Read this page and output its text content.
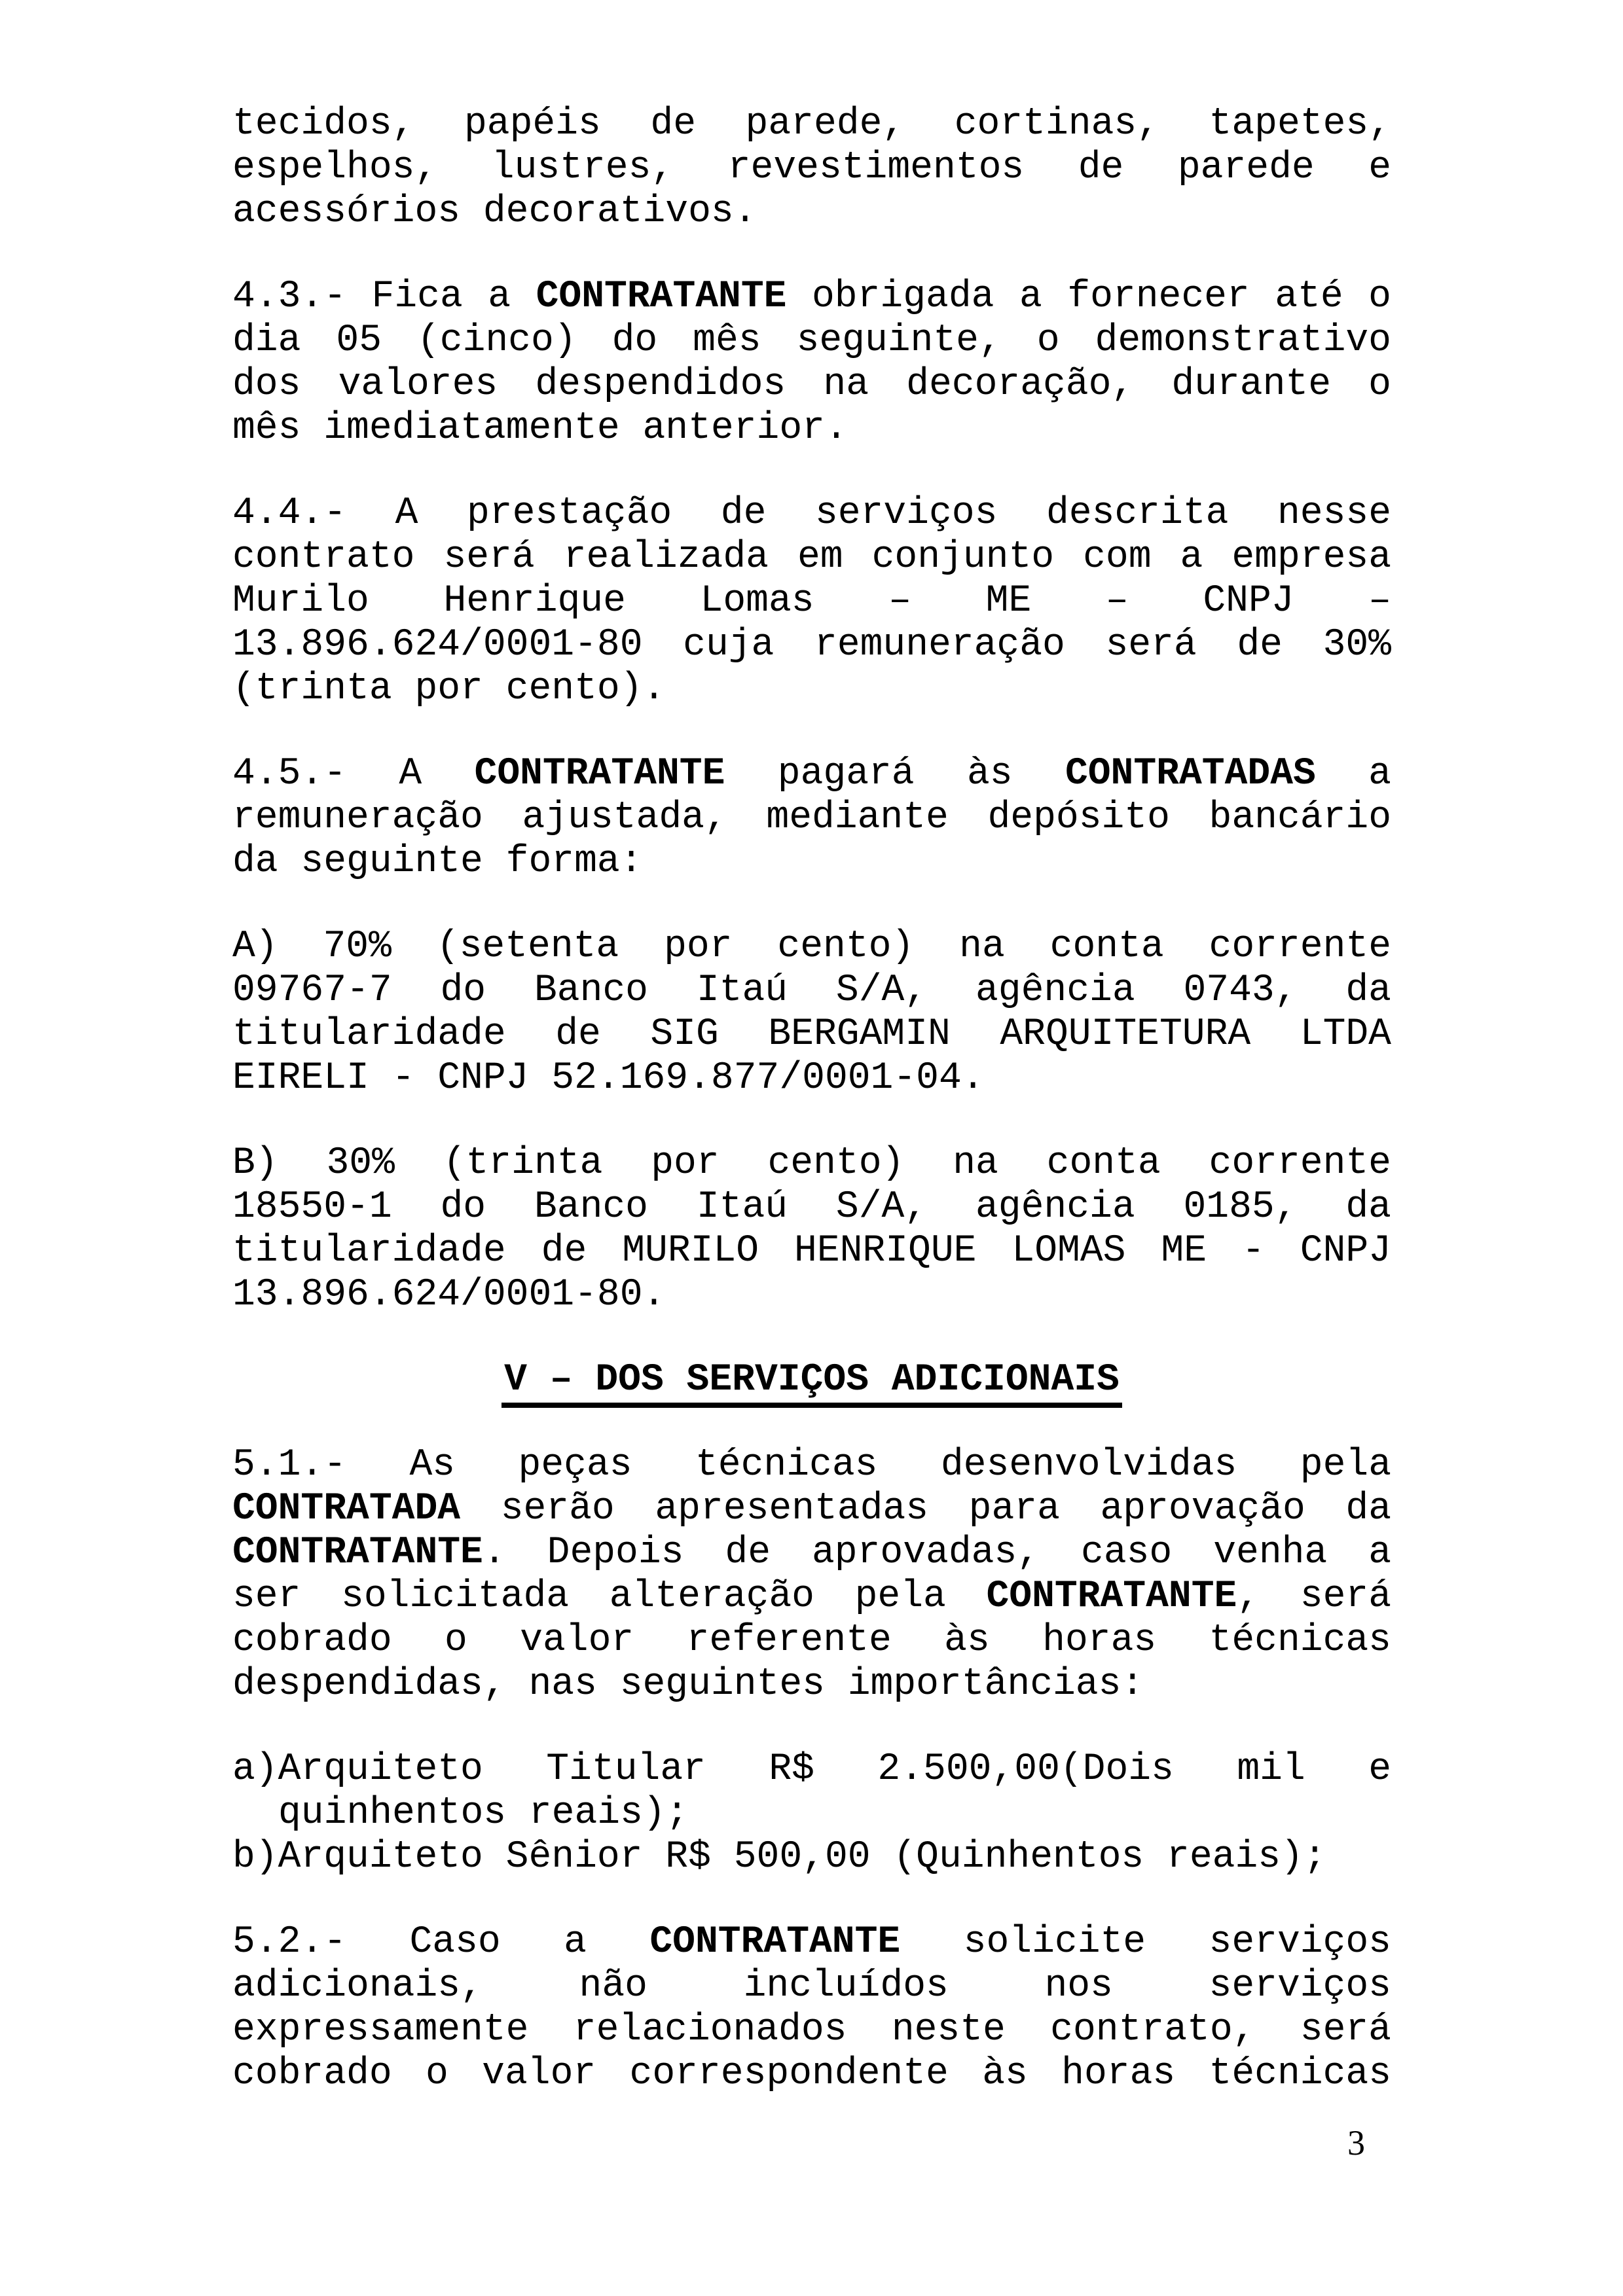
tecidos, papéis de parede, cortinas, tapetes,
espelhos, lustres, revestimentos de parede e
acessórios decorativos.
4.3.- Fica a CONTRATANTE obrigada a fornecer até o
dia 05 (cinco) do mês seguinte, o demonstrativo
dos valores despendidos na decoração, durante o
mês imediatamente anterior.
4.4.- A prestação de serviços descrita nesse
contrato será realizada em conjunto com a empresa
Murilo Henrique Lomas – ME – CNPJ –
13.896.624/0001-80 cuja remuneração será de 30%
(trinta por cento).
4.5.- A CONTRATANTE pagará às CONTRATADAS a
remuneração ajustada, mediante depósito bancário
da seguinte forma:
A) 70% (setenta por cento) na conta corrente
09767-7 do Banco Itaú S/A, agência 0743, da
titularidade de SIG BERGAMIN ARQUITETURA LTDA
EIRELI - CNPJ 52.169.877/0001-04.
B) 30% (trinta por cento) na conta corrente
18550-1 do Banco Itaú S/A, agência 0185, da
titularidade de MURILO HENRIQUE LOMAS ME - CNPJ
13.896.624/0001-80.
V – DOS SERVIÇOS ADICIONAIS
5.1.- As peças técnicas desenvolvidas pela
CONTRATADA serão apresentadas para aprovação da
CONTRATANTE. Depois de aprovadas, caso venha a
ser solicitada alteração pela CONTRATANTE, será
cobrado o valor referente às horas técnicas
despendidas, nas seguintes importâncias:
a)Arquiteto Titular R$ 2.500,00(Dois mil e
quinhentos reais);
b)Arquiteto Sênior R$ 500,00 (Quinhentos reais);
5.2.- Caso a CONTRATANTE solicite serviços
adicionais, não incluídos nos serviços
expressamente relacionados neste contrato, será
cobrado o valor correspondente às horas técnicas
3
